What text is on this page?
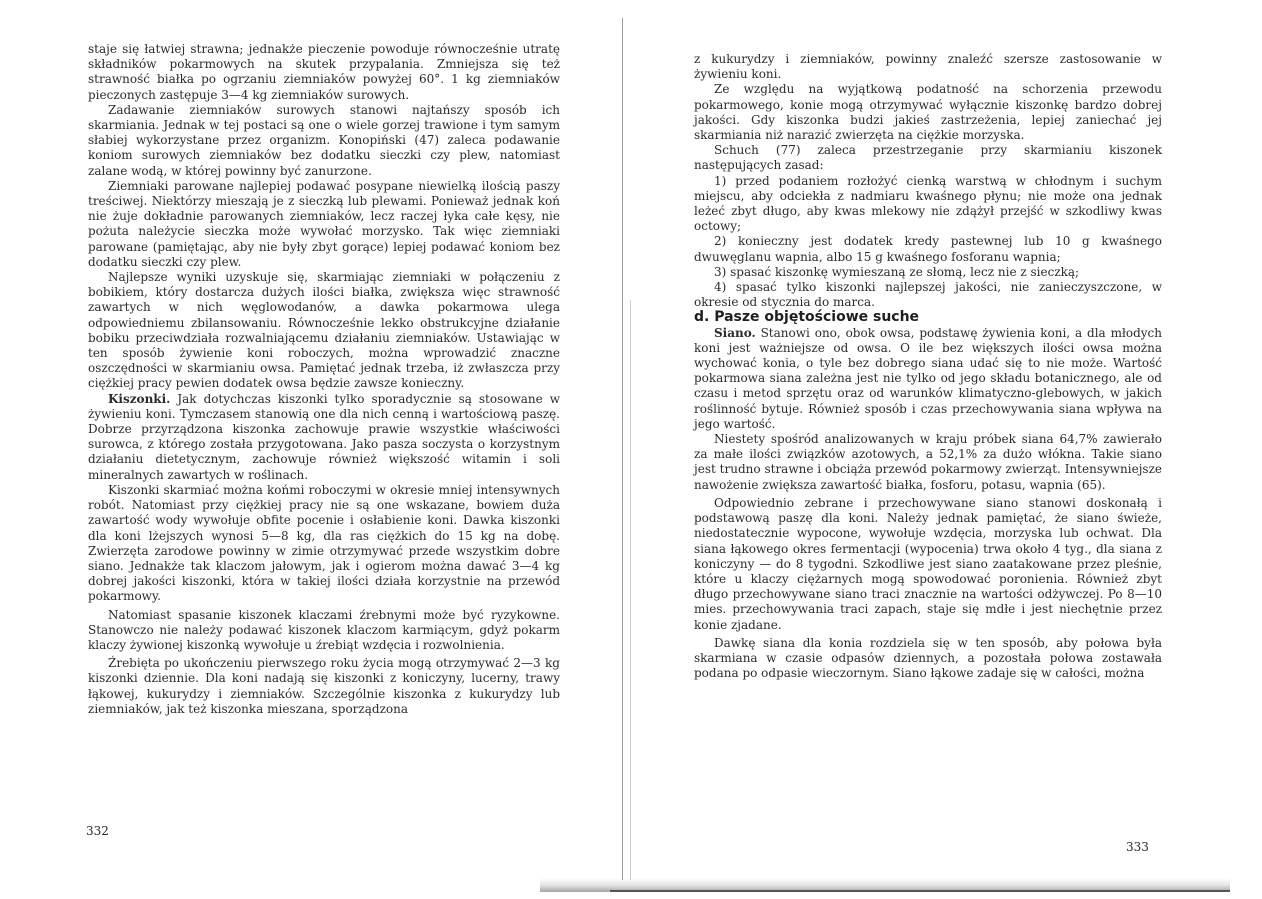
staje się łatwiej strawna; jednakże pieczenie powoduje równocześnie utratę składników pokarmowych na skutek przypalania. Zmniejsza się też strawność białka po ogrzaniu ziemniaków powyżej 60°. 1 kg ziemniaków pieczonych zastępuje 3—4 kg ziemniaków surowych.

Zadawanie ziemniaków surowych stanowi najtańszy sposób ich skarmiania. Jednak w tej postaci są one o wiele gorzej trawione i tym samym słabiej wykorzystane przez organizm. Konopiński (47) zaleca podawanie koniom surowych ziemniaków bez dodatku sieczki czy plew, natomiast zalane wodą, w której powinny być zanurzone.

Ziemniaki parowane najlepiej podawać posypane niewielką ilością paszy treściwej. Niektórzy mieszają je z sieczką lub plewami. Ponieważ jednak koń nie żuje dokładnie parowanych ziemniaków, lecz raczej łyka całe kęsy, nie pożuta należycie sieczka może wywołać morzysko. Tak więc ziemniaki parowane (pamiętając, aby nie były zbyt gorące) lepiej podawać koniom bez dodatku sieczki czy plew.

Najlepsze wyniki uzyskuje się, skarmiając ziemniaki w połączeniu z bobikiem, który dostarcza dużych ilości białka, zwiększa więc strawność zawartych w nich węglowodanów, a dawka pokarmowa ulega odpowiedniemu zbilansowaniu. Równocześnie lekko obstrukcyjne działanie bobiku przeciwdziała rozwalniającemu działaniu ziemniaków. Ustawiając w ten sposób żywienie koni roboczych, można wprowadzić znaczne oszczędności w skarmianiu owsa. Pamiętać jednak trzeba, iż zwłaszcza przy ciężkiej pracy pewien dodatek owsa będzie zawsze konieczny.

Kiszonki. Jak dotychczas kiszonki tylko sporadycznie są stosowane w żywieniu koni. Tymczasem stanowią one dla nich cenną i wartościową paszę. Dobrze przyrządzona kiszonka zachowuje prawie wszystkie właściwości surowca, z którego została przygotowana. Jako pasza soczysta o korzystnym działaniu dietetycznym, zachowuje również większość witamin i soli mineralnych zawartych w roślinach.

Kiszonki skarmiać można końmi roboczymi w okresie mniej intensywnych robót. Natomiast przy ciężkiej pracy nie są one wskazane, bowiem duża zawartość wody wywołuje obfite pocenie i osłabienie koni. Dawka kiszonki dla koni lżejszych wynosi 5—8 kg, dla ras ciężkich do 15 kg na dobę. Zwierzęta zarodowe powinny w zimie otrzymywać przede wszystkim dobre siano. Jednakże tak klaczom jałowym, jak i ogierom można dawać 3—4 kg dobrej jakości kiszonki, która w takiej ilości działa korzystnie na przewód pokarmowy.

Natomiast spasanie kiszonek klaczami źrebnymi może być ryzykowne. Stanowczo nie należy podawać kiszonek klaczom karmiącym, gdyż pokarm klaczy żywionej kiszonką wywołuje u źrebiąt wzdęcia i rozwolnienia.

Źrebięta po ukończeniu pierwszego roku życia mogą otrzymywać 2—3 kg kiszonki dziennie. Dla koni nadają się kiszonki z koniczyny, lucerny, trawy łąkowej, kukurydzy i ziemniaków. Szczególnie kiszonka z kukurydzy lub ziemniaków, jak też kiszonka mieszana, sporządzona

332

z kukurydzy i ziemniaków, powinny znaleźć szersze zastosowanie w żywieniu koni.

Ze względu na wyjątkową podatność na schorzenia przewodu pokarmowego, konie mogą otrzymywać wyłącznie kiszonkę bardzo dobrej jakości. Gdy kiszonka budzi jakieś zastrzeżenia, lepiej zaniechać jej skarmiania niż narazić zwierzęta na ciężkie morzyska.

Schuch (77) zaleca przestrzeganie przy skarmianiu kiszonek następujących zasad:

1) przed podaniem rozłożyć cienką warstwą w chłodnym i suchym miejscu, aby odciekła z nadmiaru kwaśnego płynu; nie może ona jednak leżeć zbyt długo, aby kwas mlekowy nie zdążył przejść w szkodliwy kwas octowy;
2) konieczny jest dodatek kredy pastewnej lub 10 g kwaśnego dwuwęglanu wapnia, albo 15 g kwaśnego fosforanu wapnia;
3) spasać kiszonkę wymieszaną ze słomą, lecz nie z sieczką;
4) spasać tylko kiszonki najlepszej jakości, nie zanieczyszczone, w okresie od stycznia do marca.

d. Pasze objętościowe suche

Siano. Stanowi ono, obok owsa, podstawę żywienia koni, a dla młodych koni jest ważniejsze od owsa. O ile bez większych ilości owsa można wychować konia, o tyle bez dobrego siana udać się to nie może. Wartość pokarmowa siana zależna jest nie tylko od jego składu botanicznego, ale od czasu i metod sprzętu oraz od warunków klimatyczno-glebowych, w jakich roślinność bytuje. Również sposób i czas przechowywania siana wpływa na jego wartość.

Niestety spośród analizowanych w kraju próbek siana 64,7% zawierało za małe ilości związków azotowych, a 52,1% za dużo włókna. Takie siano jest trudno strawne i obciąża przewód pokarmowy zwierząt. Intensywniejsze nawożenie zwiększa zawartość białka, fosforu, potasu, wapnia (65).

Odpowiednio zebrane i przechowywane siano stanowi doskonałą i podstawową paszę dla koni. Należy jednak pamiętać, że siano świeże, niedostatecznie wypocone, wywołuje wzdęcia, morzyska lub ochwat. Dla siana łąkowego okres fermentacji (wypocenia) trwa około 4 tyg., dla siana z koniczyny — do 8 tygodni. Szkodliwe jest siano zaatakowane przez pleśnie, które u klaczy ciężarnych mogą spowodować poronienia. Również zbyt długo przechowywane siano traci znacznie na wartości odżywczej. Po 8—10 mies. przechowywania traci zapach, staje się mdłe i jest niechętnie przez konie zjadane.

Dawkę siana dla konia rozdziela się w ten sposób, aby połowa była skarmiana w czasie odpasów dziennych, a pozostała połowa zostawała podana po odpasie wieczornym. Siano łąkowe zadaje się w całości, można

333
